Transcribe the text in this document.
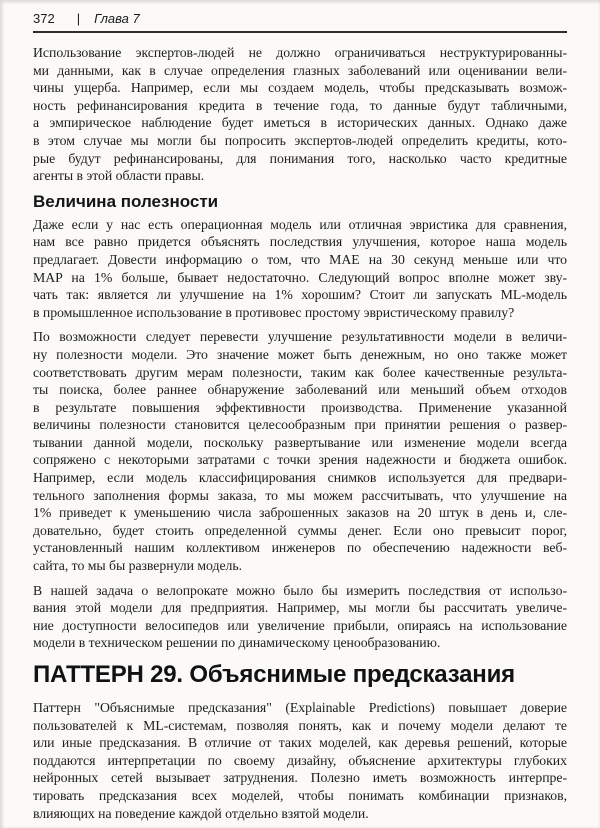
372 | Глава 7
Использование экспертов-людей не должно ограничиваться неструктурированны-
ми данными, как в случае определения глазных заболеваний или оценивании вели-
чины ущерба. Например, если мы создаем модель, чтобы предсказывать возмож-
ность рефинансирования кредита в течение года, то данные будут табличными,
а эмпирическое наблюдение будет иметься в исторических данных. Однако даже
в этом случае мы могли бы попросить экспертов-людей определить кредиты, кото-
рые будут рефинансированы, для понимания того, насколько часто кредитные
агенты в этой области правы.
Величина полезности
Даже если у нас есть операционная модель или отличная эвристика для сравнения,
нам все равно придется объяснять последствия улучшения, которое наша модель
предлагает. Довести информацию о том, что MAE на 30 секунд меньше или что
MAP на 1% больше, бывает недостаточно. Следующий вопрос вполне может зву-
чать так: является ли улучшение на 1% хорошим? Стоит ли запускать ML-модель
в промышленное использование в противовес простому эвристическому правилу?
По возможности следует перевести улучшение результативности модели в величи-
ну полезности модели. Это значение может быть денежным, но оно также может
соответствовать другим мерам полезности, таким как более качественные результа-
ты поиска, более раннее обнаружение заболеваний или меньший объем отходов
в результате повышения эффективности производства. Применение указанной
величины полезности становится целесообразным при принятии решения о развер-
тывании данной модели, поскольку развертывание или изменение модели всегда
сопряжено с некоторыми затратами с точки зрения надежности и бюджета ошибок.
Например, если модель классифицирования снимков используется для предвари-
тельного заполнения формы заказа, то мы можем рассчитывать, что улучшение на
1% приведет к уменьшению числа заброшенных заказов на 20 штук в день и, сле-
довательно, будет стоить определенной суммы денег. Если оно превысит порог,
установленный нашим коллективом инженеров по обеспечению надежности веб-
сайта, то мы бы развернули модель.
В нашей задача о велопрокате можно было бы измерить последствия от использо-
вания этой модели для предприятия. Например, мы могли бы рассчитать увеличе-
ние доступности велосипедов или увеличение прибыли, опираясь на использование
модели в техническом решении по динамическому ценообразованию.
ПАТТЕРН 29. Объяснимые предсказания
Паттерн "Объяснимые предсказания" (Explainable Predictions) повышает доверие
пользователей к ML-системам, позволяя понять, как и почему модели делают те
или иные предсказания. В отличие от таких моделей, как деревья решений, которые
поддаются интерпретации по своему дизайну, объяснение архитектуры глубоких
нейронных сетей вызывает затруднения. Полезно иметь возможность интерпре-
тировать предсказания всех моделей, чтобы понимать комбинации признаков,
влияющих на поведение каждой отдельно взятой модели.
